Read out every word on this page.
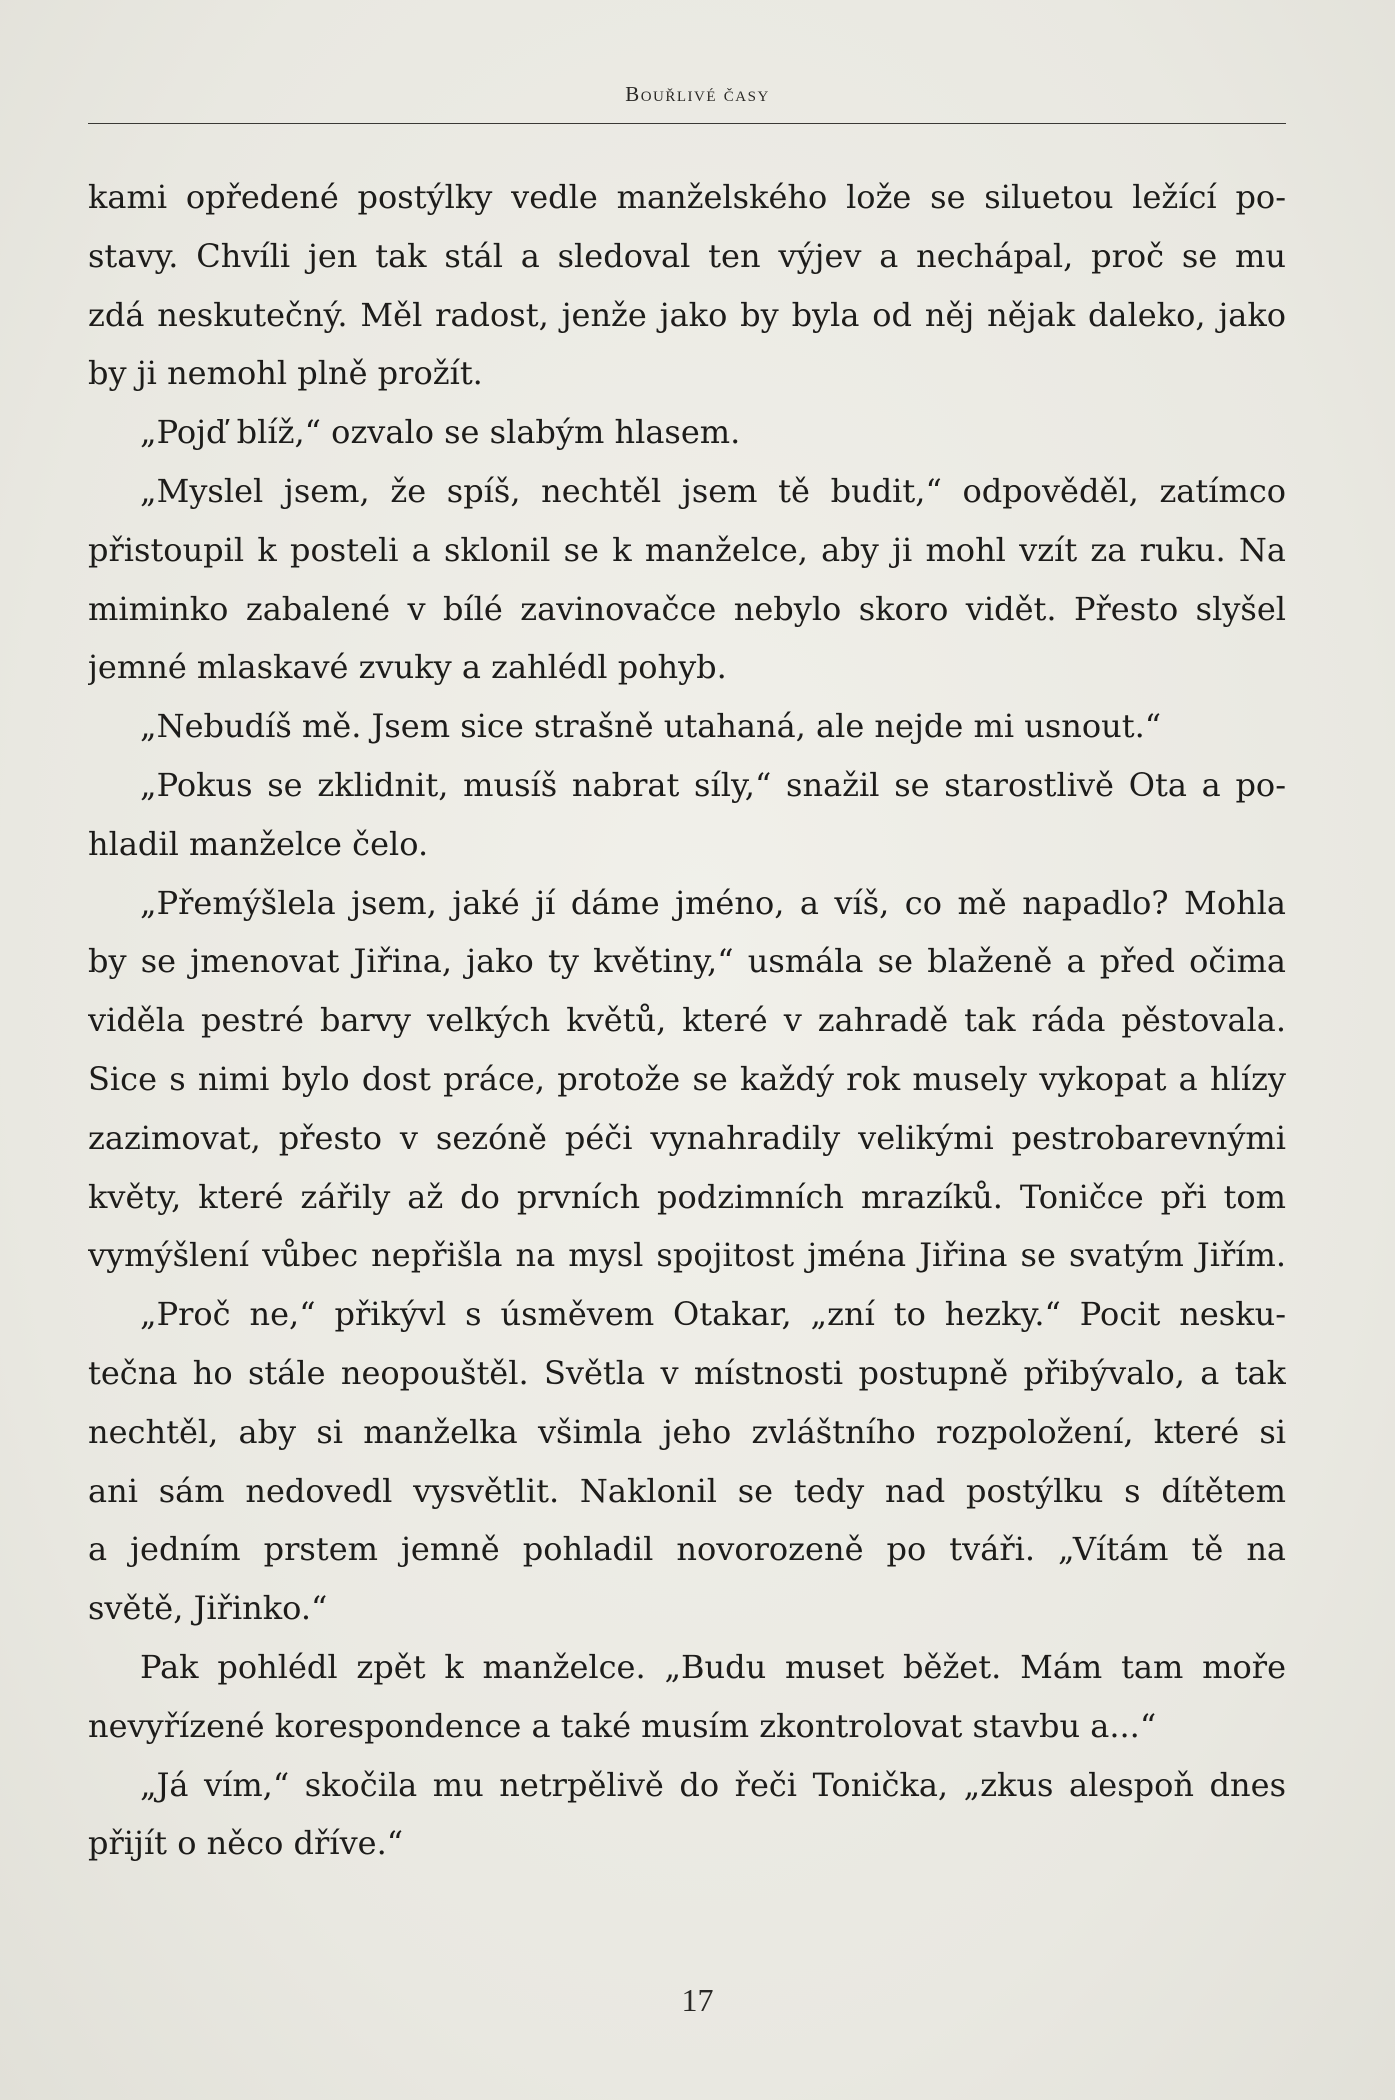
Bouřlivé časy
kami opředené postýlky vedle manželského lože se siluetou ležící po-
stavy. Chvíli jen tak stál a sledoval ten výjev a nechápal, proč se mu
zdá neskutečný. Měl radost, jenže jako by byla od něj nějak daleko, jako
by ji nemohl plně prožít.
„Pojď blíž,“ ozvalo se slabým hlasem.
„Myslel jsem, že spíš, nechtěl jsem tě budit,“ odpověděl, zatímco
přistoupil k posteli a sklonil se k manželce, aby ji mohl vzít za ruku. Na
miminko zabalené v bílé zavinovačce nebylo skoro vidět. Přesto slyšel
jemné mlaskavé zvuky a zahlédl pohyb.
„Nebudíš mě. Jsem sice strašně utahaná, ale nejde mi usnout.“
„Pokus se zklidnit, musíš nabrat síly,“ snažil se starostlivě Ota a po-
hladil manželce čelo.
„Přemýšlela jsem, jaké jí dáme jméno, a víš, co mě napadlo? Mohla
by se jmenovat Jiřina, jako ty květiny,“ usmála se blaženě a před očima
viděla pestré barvy velkých květů, které v zahradě tak ráda pěstovala.
Sice s nimi bylo dost práce, protože se každý rok musely vykopat a hlízy
zazimovat, přesto v sezóně péči vynahradily velikými pestrobarevnými
květy, které zářily až do prvních podzimních mrazíků. Toničce při tom
vymýšlení vůbec nepřišla na mysl spojitost jména Jiřina se svatým Jiřím.
„Proč ne,“ přikývl s úsměvem Otakar, „zní to hezky.“ Pocit nesku-
tečna ho stále neopouštěl. Světla v místnosti postupně přibývalo, a tak
nechtěl, aby si manželka všimla jeho zvláštního rozpoložení, které si
ani sám nedovedl vysvětlit. Naklonil se tedy nad postýlku s dítětem
a jedním prstem jemně pohladil novorozeně po tváři. „Vítám tě na
světě, Jiřinko.“
Pak pohlédl zpět k manželce. „Budu muset běžet. Mám tam moře
nevyřízené korespondence a také musím zkontrolovat stavbu a...“
„Já vím,“ skočila mu netrpělivě do řeči Tonička, „zkus alespoň dnes
přijít o něco dříve.“
17
